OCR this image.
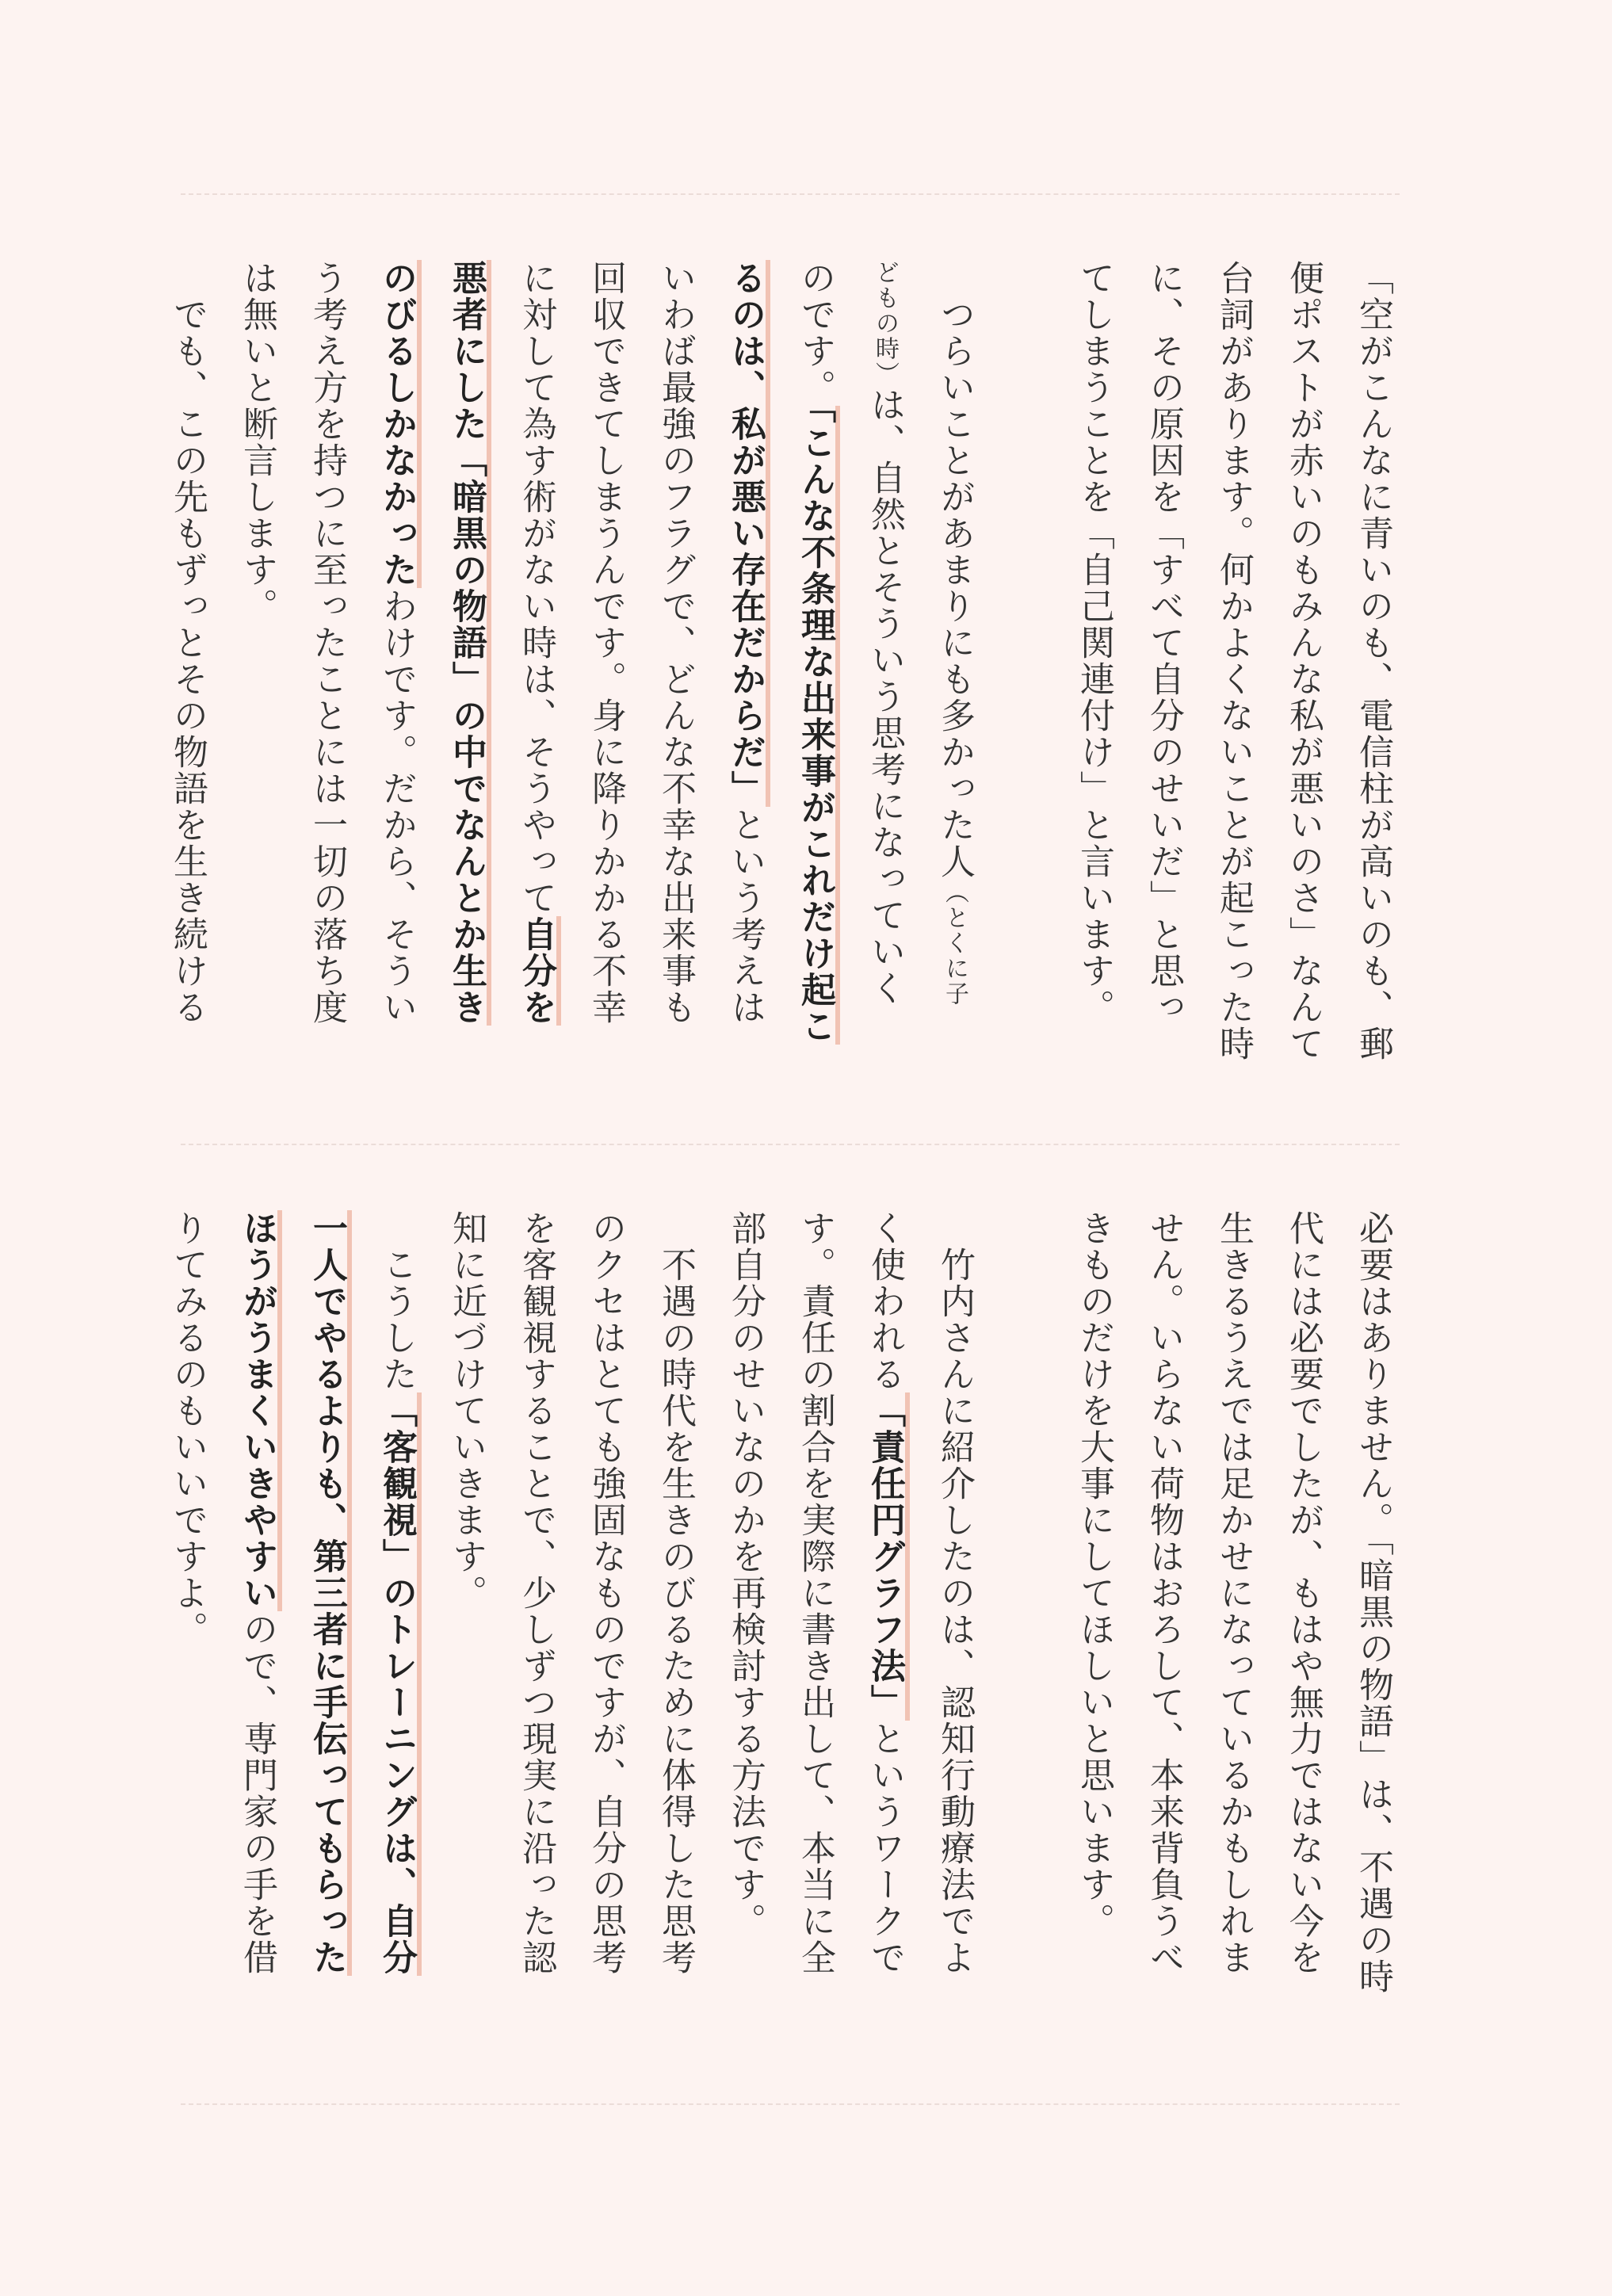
「空がこんなに青いのも、電信柱が高いのも、郵

便ポストが赤いのもみんな私が悪いのさ」なんて

台詞があります。何かよくないことが起こった時

に、その原因を「すべて自分のせいだ」と思っ

てしまうことを「自己関連付け」と言います。

　つらいことがあまりにも多かった人（とくに子

どもの時）は、自然とそういう思考になっていく

のです。「こんな不条理な出来事がこれだけ起こ

るのは、私が悪い存在だからだ」という考えは

いわば最強のフラグで、どんな不幸な出来事も

回収できてしまうんです。身に降りかかる不幸

に対して為す術がない時は、そうやって自分を

悪者にした「暗黒の物語」の中でなんとか生き

のびるしかなかったわけです。だから、そうい

う考え方を持つに至ったことには一切の落ち度

は無いと断言します。

　でも、この先もずっとその物語を生き続ける

必要はありません。「暗黒の物語」は、不遇の時

代には必要でしたが、もはや無力ではない今を

生きるうえでは足かせになっているかもしれま

せん。いらない荷物はおろして、本来背負うべ

きものだけを大事にしてほしいと思います。

　竹内さんに紹介したのは、認知行動療法でよ

く使われる「責任円グラフ法」というワークで

す。責任の割合を実際に書き出して、本当に全

部自分のせいなのかを再検討する方法です。

　不遇の時代を生きのびるために体得した思考

のクセはとても強固なものですが、自分の思考

を客観視することで、少しずつ現実に沿った認

知に近づけていきます。

　こうした「客観視」のトレーニングは、自分

一人でやるよりも、第三者に手伝ってもらった

ほうがうまくいきやすいので、専門家の手を借

りてみるのもいいですよ。
